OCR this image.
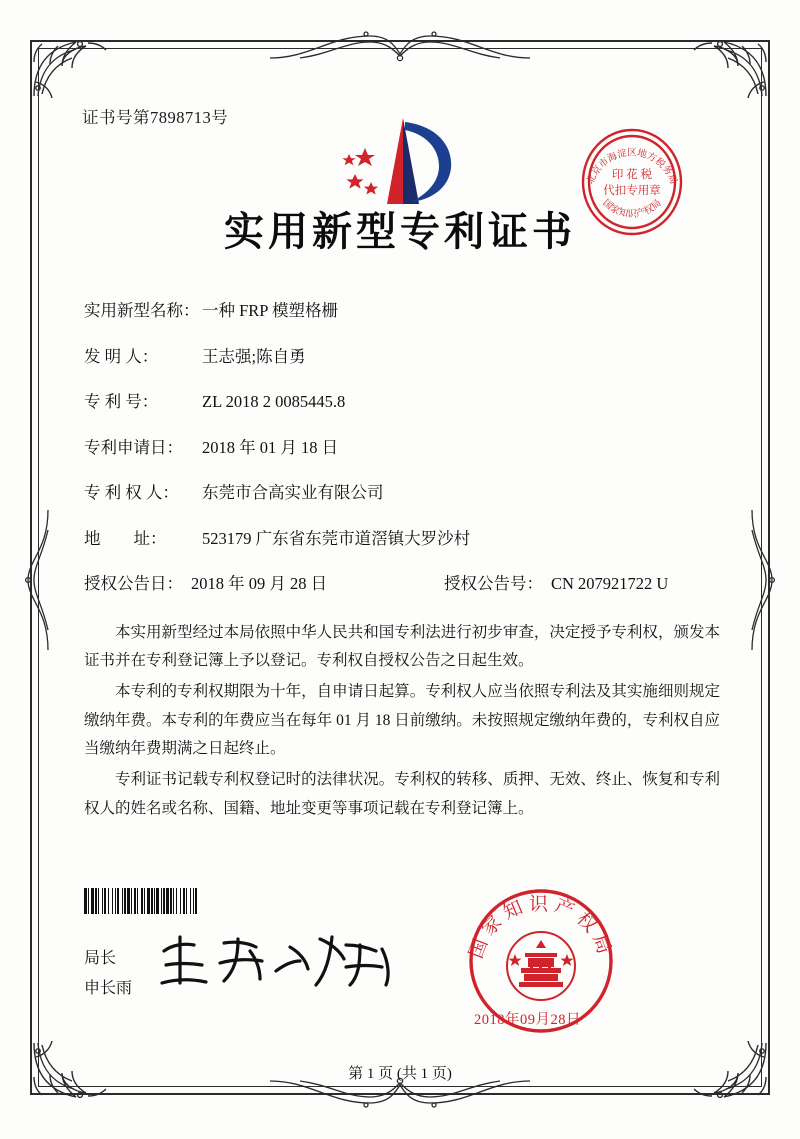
证书号第7898713号
北京市海淀区地方税务局
国家知识产权局
印 花 税
代扣专用章
实用新型专利证书
实用新型名称： 一种 FRP 模塑格栅
发 明 人：	王志强;陈自勇
专 利 号：	ZL 2018 2 0085445.8
专利申请日：	2018 年 01 月 18 日
专 利 权 人：	东莞市合高实业有限公司
地        址：	523179 广东省东莞市道滘镇大罗沙村
授权公告日： 2018 年 09 月 28 日	授权公告号： CN 207921722 U

本实用新型经过本局依照中华人民共和国专利法进行初步审查，决定授予专利权，颁发本证书并在专利登记簿上予以登记。专利权自授权公告之日起生效。

本专利的专利权期限为十年，自申请日起算。专利权人应当依照专利法及其实施细则规定缴纳年费。本专利的年费应当在每年 01 月 18 日前缴纳。未按照规定缴纳年费的，专利权自应当缴纳年费期满之日起终止。

专利证书记载专利权登记时的法律状况。专利权的转移、质押、无效、终止、恢复和专利权人的姓名或名称、国籍、地址变更等事项记载在专利登记簿上。

局长
申长雨
国家知识产权局
2018年09月28日
第 1 页 (共 1 页)
